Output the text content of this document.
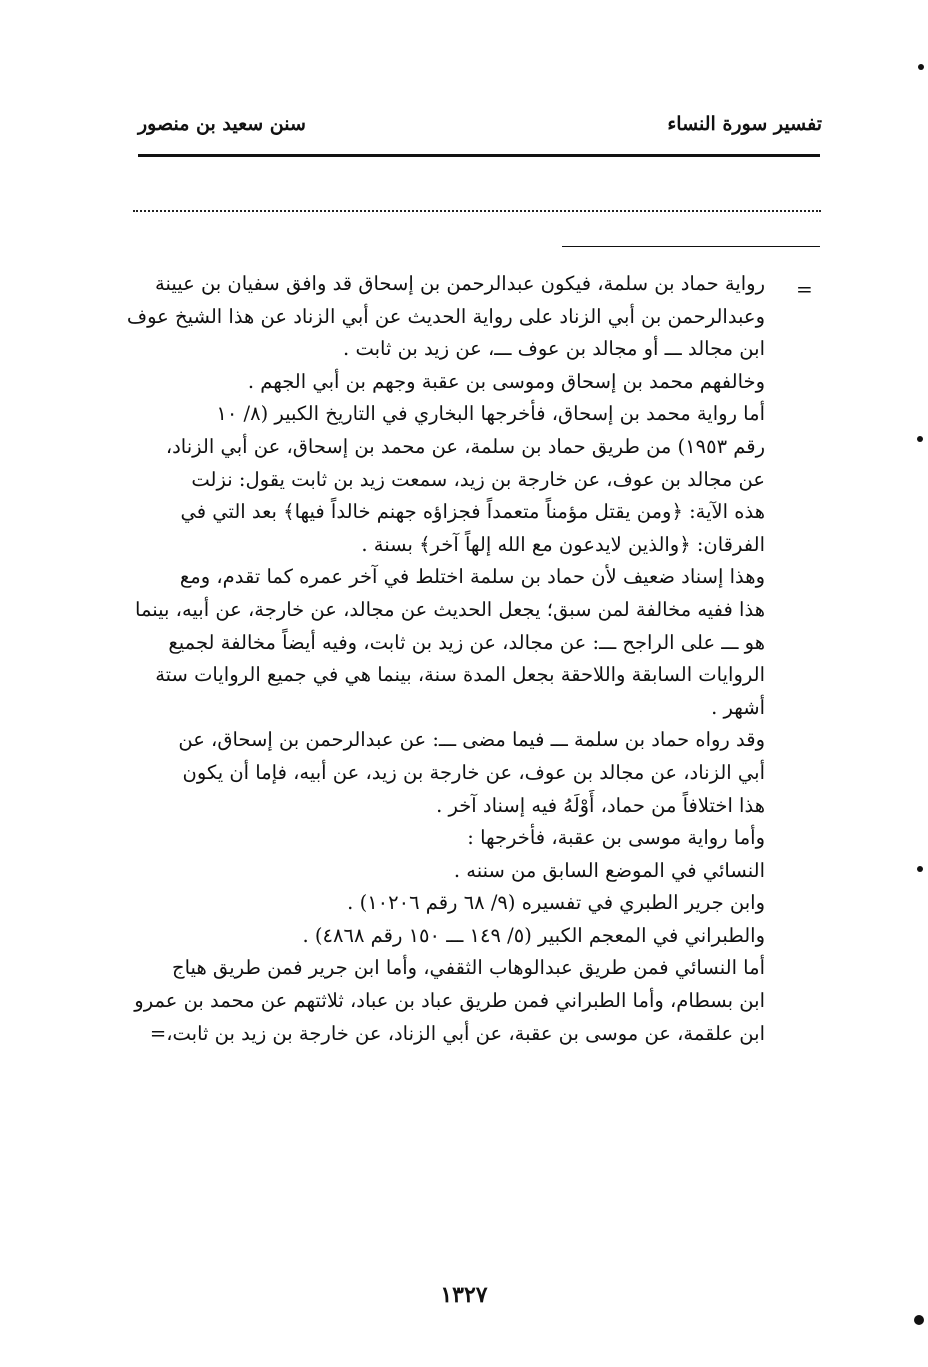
تفسير سورة النساء
سنن سعيد بن منصور
=
رواية حماد بن سلمة، فيكون عبدالرحمن بن إسحاق قد وافق سفيان بن عيينة
وعبدالرحمن بن أبي الزناد على رواية الحديث عن أبي الزناد عن هذا الشيخ عوف
ابن مجالد ـــ أو مجالد بن عوف ـــ، عن زيد بن ثابت .
وخالفهم محمد بن إسحاق وموسى بن عقبة وجهم بن أبي الجهم .
أما رواية محمد بن إسحاق، فأخرجها البخاري في التاريخ الكبير (٨/ ١٠
رقم ١٩٥٣) من طريق حماد بن سلمة، عن محمد بن إسحاق، عن أبي الزناد،
عن مجالد بن عوف، عن خارجة بن زيد، سمعت زيد بن ثابت يقول: نزلت
هذه الآية: ﴿ومن يقتل مؤمناً متعمداً فجزاؤه جهنم خالداً فيها﴾ بعد التي في
الفرقان: ﴿والذين لايدعون مع الله إلهاً آخر﴾ بسنة .
وهذا إسناد ضعيف لأن حماد بن سلمة اختلط في آخر عمره كما تقدم، ومع
هذا ففيه مخالفة لمن سبق؛ يجعل الحديث عن مجالد، عن خارجة، عن أبيه، بينما
هو ـــ على الراجح ـــ: عن مجالد، عن زيد بن ثابت، وفيه أيضاً مخالفة لجميع
الروايات السابقة واللاحقة بجعل المدة سنة، بينما هي في جميع الروايات ستة
أشهر .
وقد رواه حماد بن سلمة ـــ فيما مضى ـــ: عن عبدالرحمن بن إسحاق، عن
أبي الزناد، عن مجالد بن عوف، عن خارجة بن زيد، عن أبيه، فإما أن يكون
هذا اختلافاً من حماد، أَوْلَهُ فيه إسناد آخر .
وأما رواية موسى بن عقبة، فأخرجها :
النسائي في الموضع السابق من سننه .
وابن جرير الطبري في تفسيره (٩/ ٦٨ رقم ١٠٢٠٦) .
والطبراني في المعجم الكبير (٥/ ١٤٩ ـــ ١٥٠ رقم ٤٨٦٨) .
أما النسائي فمن طريق عبدالوهاب الثقفي، وأما ابن جرير فمن طريق هياج
ابن بسطام، وأما الطبراني فمن طريق عباد بن عباد، ثلاثتهم عن محمد بن عمرو
ابن علقمة، عن موسى بن عقبة، عن أبي الزناد، عن خارجة بن زيد بن ثابت،=
١٣٢٧
